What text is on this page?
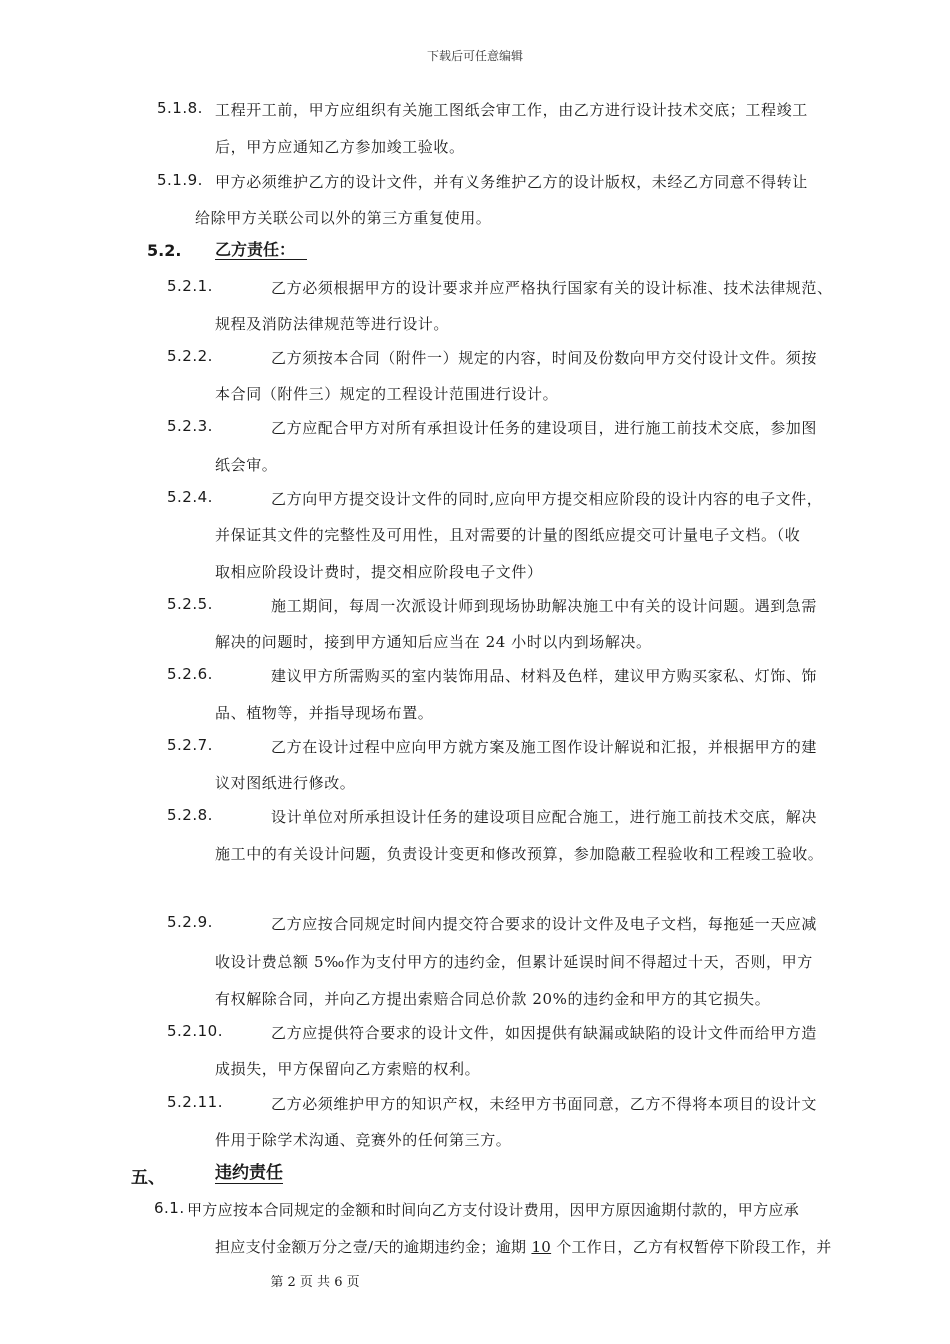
下载后可任意编辑
5.1.8. 工程开工前，甲方应组织有关施工图纸会审工作，由乙方进行设计技术交底；工程竣工
后，甲方应通知乙方参加竣工验收。
5.1.9. 甲方必须维护乙方的设计文件，并有义务维护乙方的设计版权，未经乙方同意不得转让
给除甲方关联公司以外的第三方重复使用。
5.2. 乙方责任：
5.2.1.	乙方必须根据甲方的设计要求并应严格执行国家有关的设计标准、技术法律规范、
规程及消防法律规范等进行设计。
5.2.2.	乙方须按本合同（附件一）规定的内容，时间及份数向甲方交付设计文件。须按
本合同（附件三）规定的工程设计范围进行设计。
5.2.3.	乙方应配合甲方对所有承担设计任务的建设项目，进行施工前技术交底，参加图
纸会审。
5.2.4.	乙方向甲方提交设计文件的同时,应向甲方提交相应阶段的设计内容的电子文件，
并保证其文件的完整性及可用性，且对需要的计量的图纸应提交可计量电子文档。（收
取相应阶段设计费时，提交相应阶段电子文件）
5.2.5.	施工期间，每周一次派设计师到现场协助解决施工中有关的设计问题。遇到急需
解决的问题时，接到甲方通知后应当在 24 小时以内到场解决。
5.2.6.	建议甲方所需购买的室内装饰用品、材料及色样，建议甲方购买家私、灯饰、饰
品、植物等，并指导现场布置。
5.2.7.	乙方在设计过程中应向甲方就方案及施工图作设计解说和汇报，并根据甲方的建
议对图纸进行修改。
5.2.8.	设计单位对所承担设计任务的建设项目应配合施工，进行施工前技术交底，解决
施工中的有关设计问题，负责设计变更和修改预算，参加隐蔽工程验收和工程竣工验收。
5.2.9.	乙方应按合同规定时间内提交符合要求的设计文件及电子文档，每拖延一天应减
收设计费总额 5‰作为支付甲方的违约金，但累计延误时间不得超过十天，否则，甲方
有权解除合同，并向乙方提出索赔合同总价款 20%的违约金和甲方的其它损失。
5.2.10.	乙方应提供符合要求的设计文件，如因提供有缺漏或缺陷的设计文件而给甲方造
成损失，甲方保留向乙方索赔的权利。
5.2.11.	乙方必须维护甲方的知识产权，未经甲方书面同意，乙方不得将本项目的设计文
件用于除学术沟通、竞赛外的任何第三方。
五、	违约责任
6.1. 甲方应按本合同规定的金额和时间向乙方支付设计费用，因甲方原因逾期付款的，甲方应承
担应支付金额万分之壹/天的逾期违约金；逾期 10 个工作日，乙方有权暂停下阶段工作，并
第 2 页 共 6 页
